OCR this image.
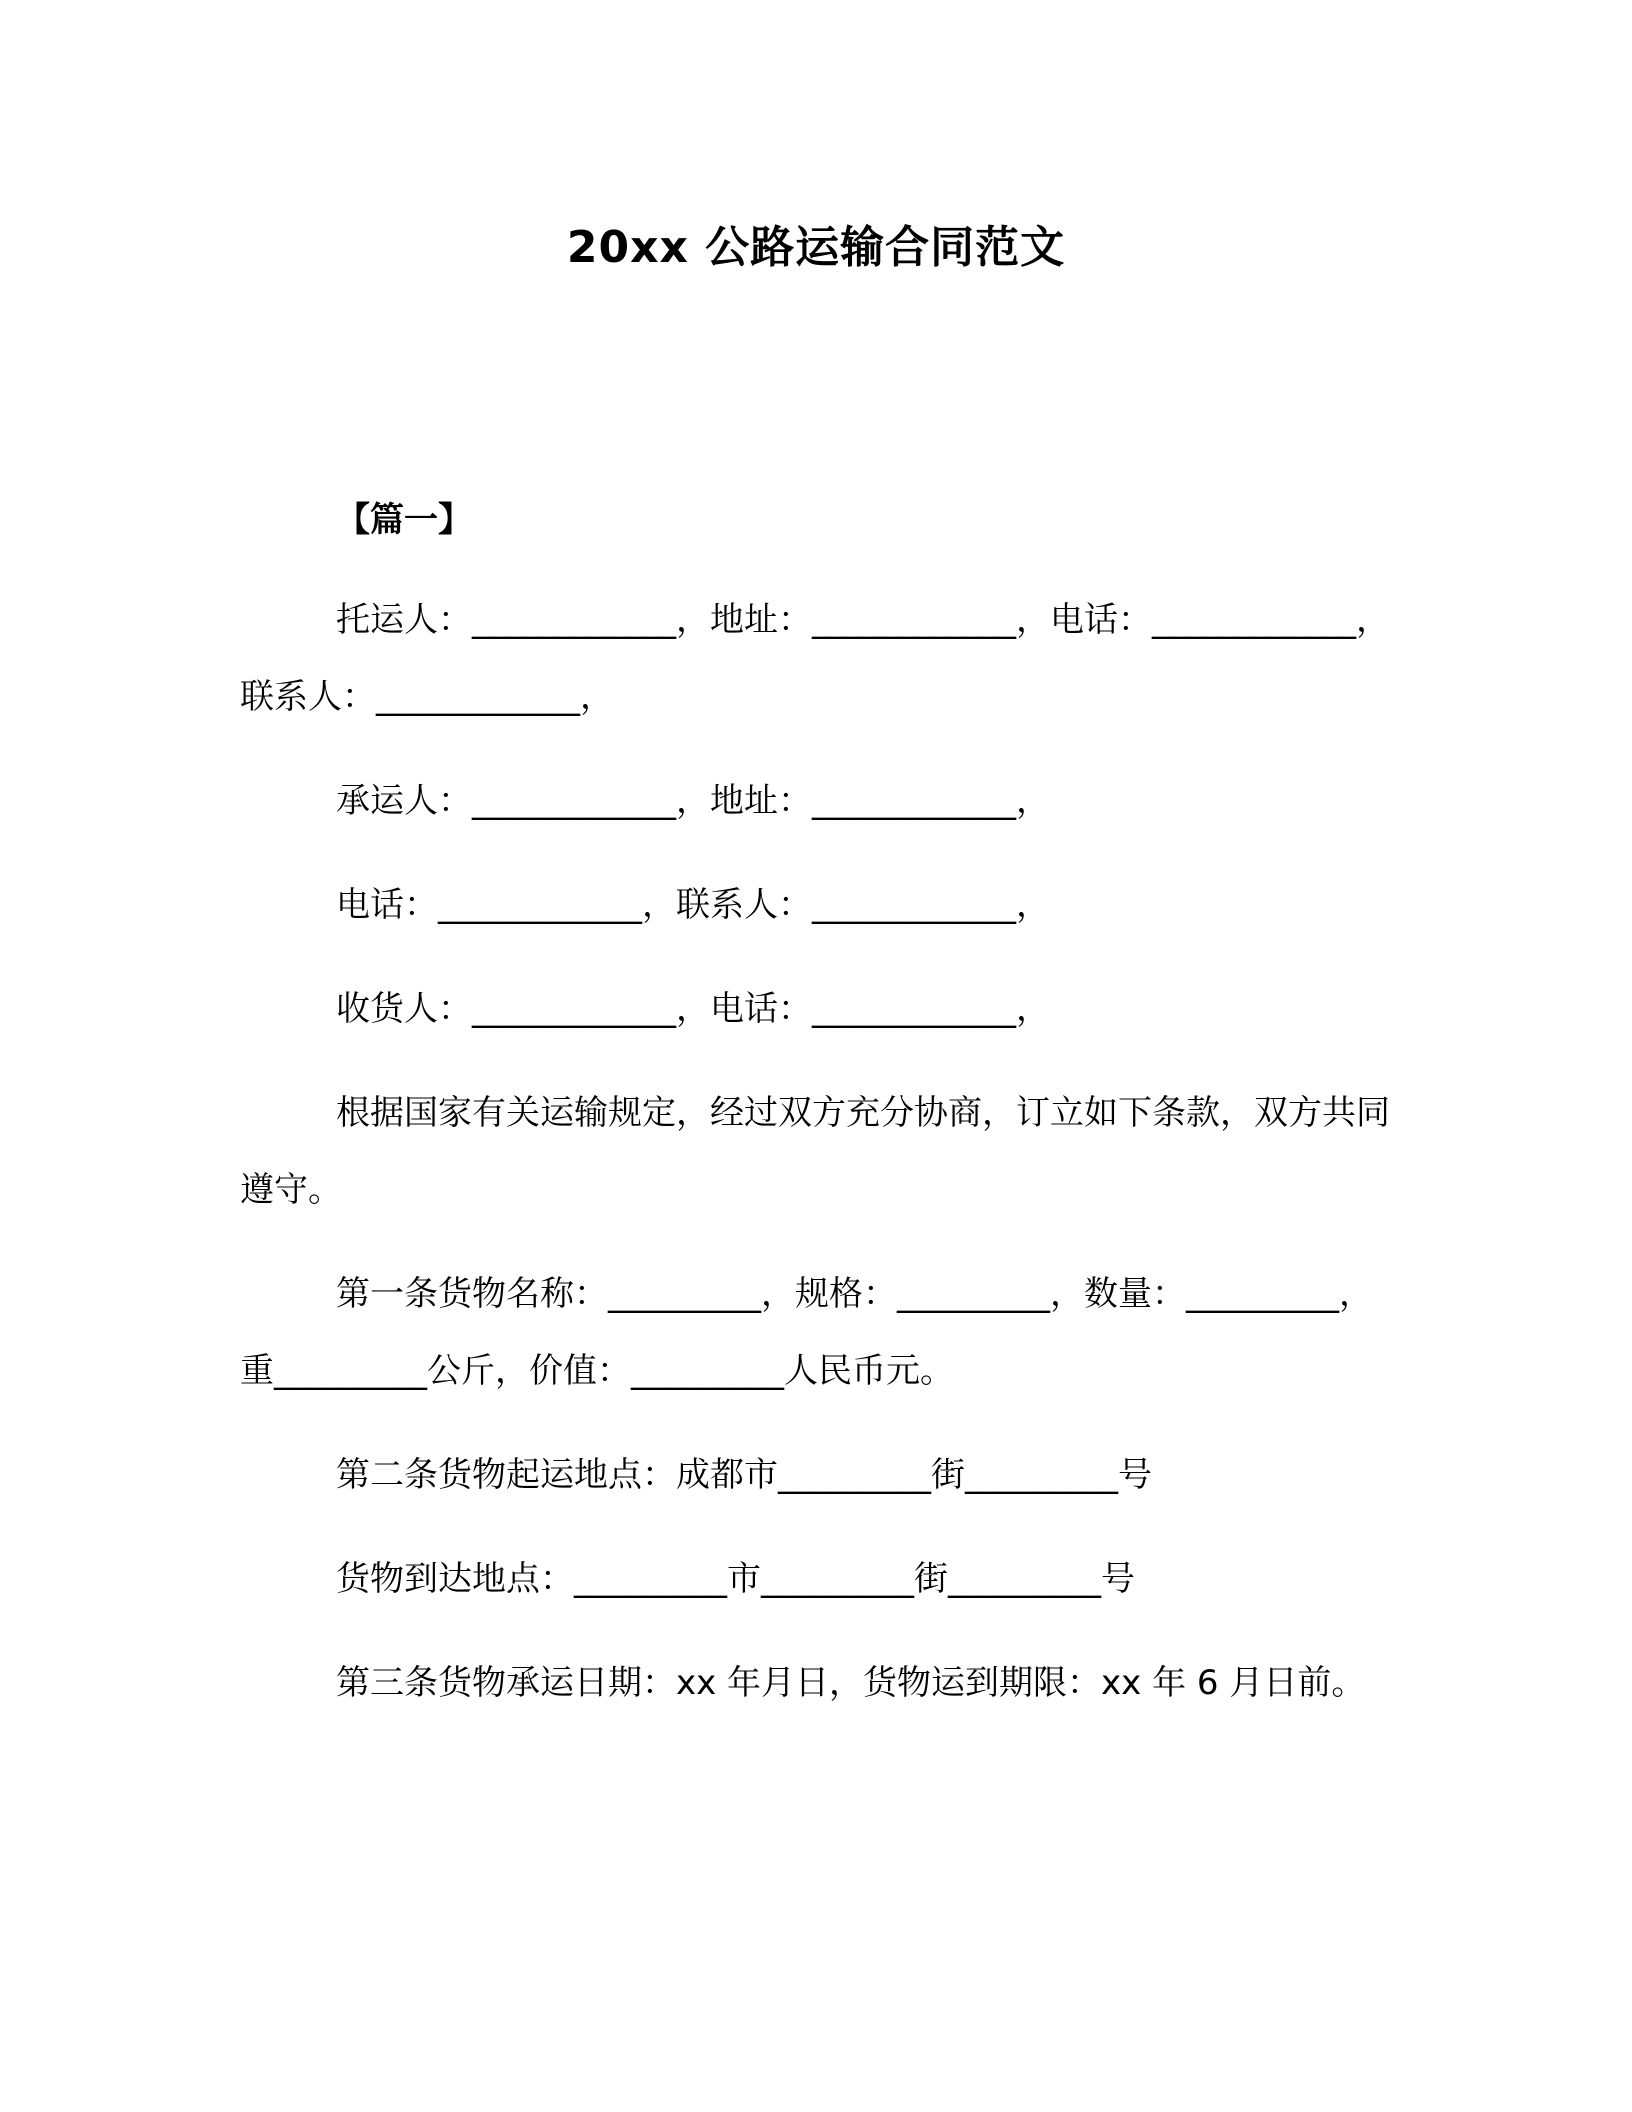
20xx 公路运输合同范文
【篇一】

托运人：____________，地址：____________，电话：____________，联系人：____________，

承运人：____________，地址：____________，

电话：____________，联系人：____________，

收货人：____________，电话：____________，

根据国家有关运输规定，经过双方充分协商，订立如下条款，双方共同遵守。

第一条货物名称：_________，规格：_________，数量：_________，重_________公斤，价值：_________人民币元。

第二条货物起运地点：成都市_________街_________号

货物到达地点：_________市_________街_________号

第三条货物承运日期：xx 年月日，货物运到期限：xx 年 6 月日前。
